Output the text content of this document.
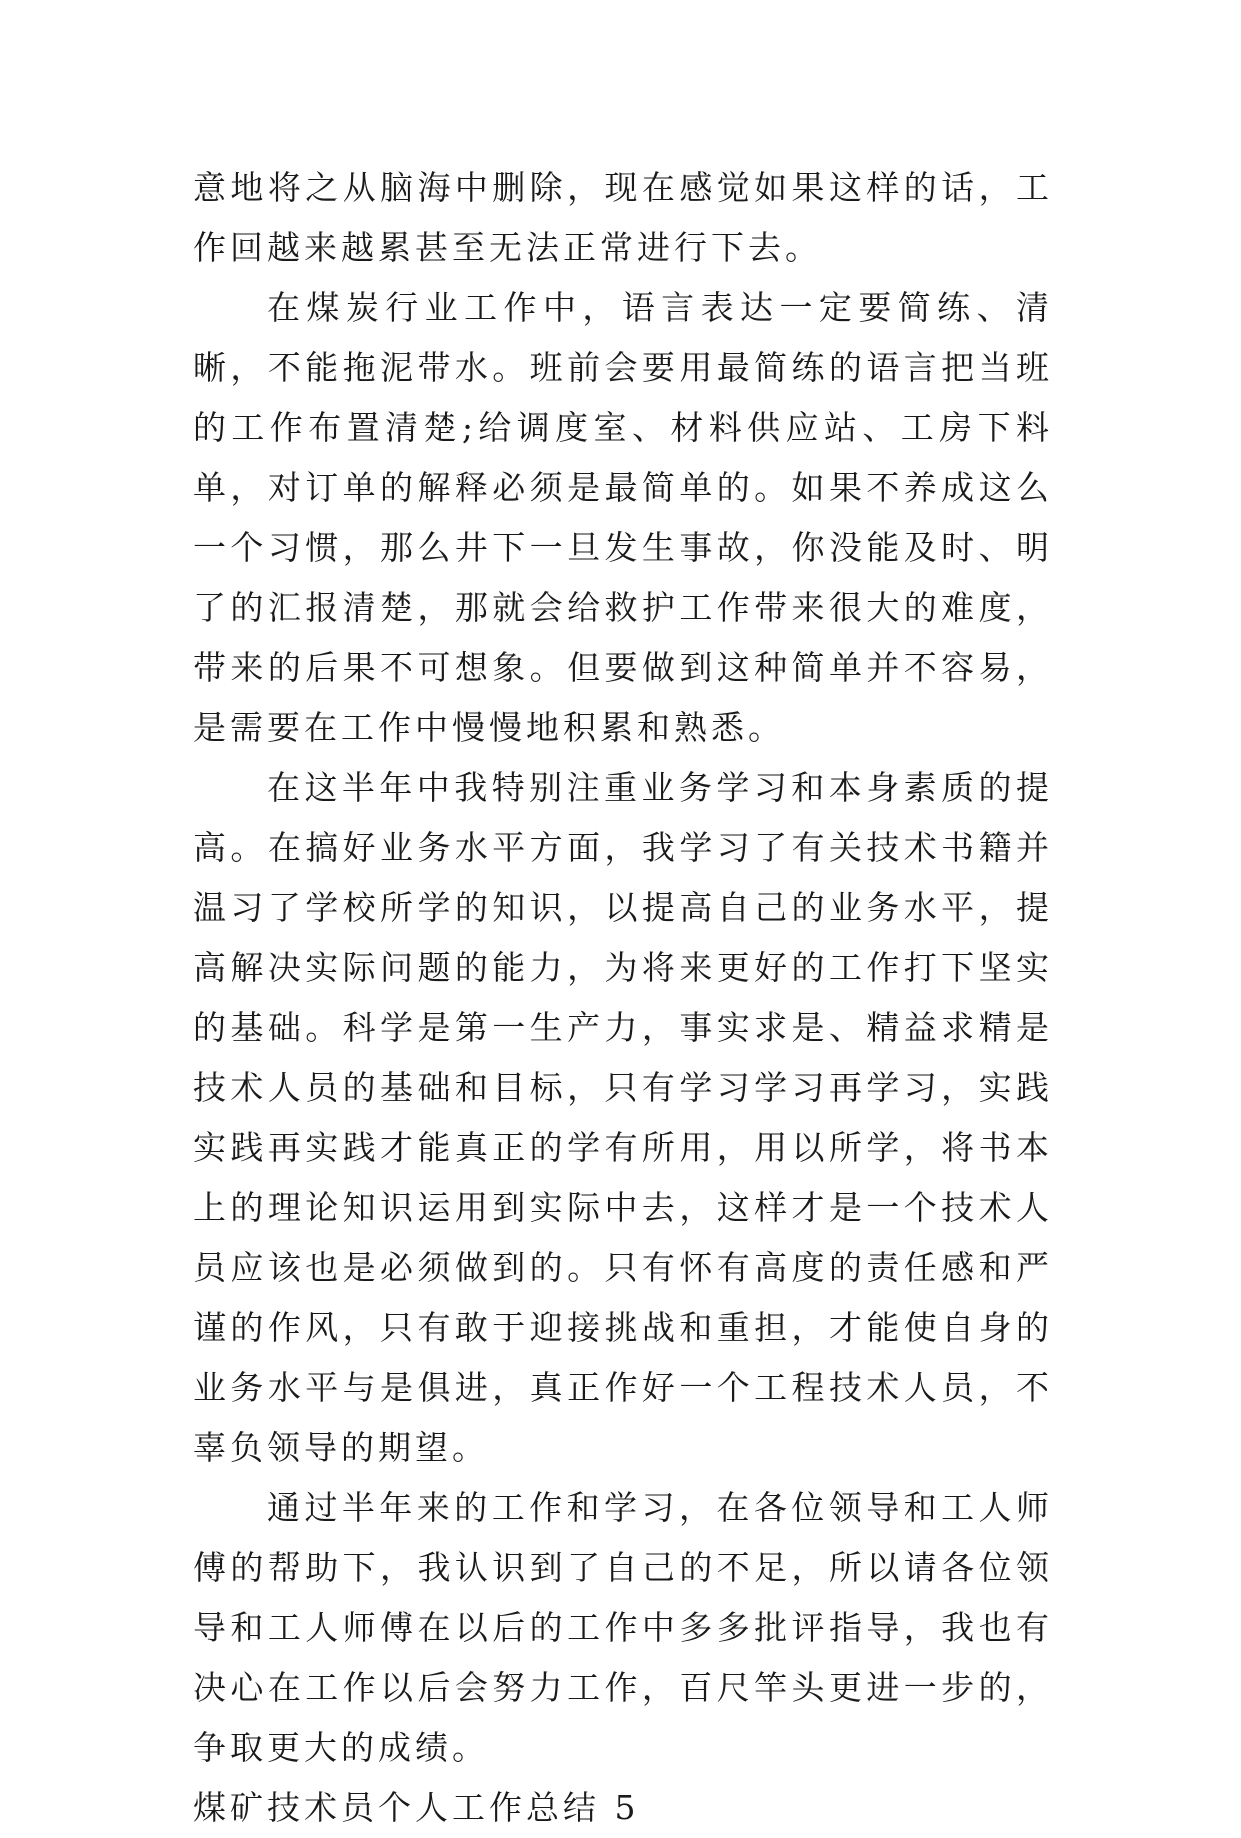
意地将之从脑海中删除，现在感觉如果这样的话，工作回越来越累甚至无法正常进行下去。

在煤炭行业工作中，语言表达一定要简练、清晰，不能拖泥带水。班前会要用最简练的语言把当班的工作布置清楚;给调度室、材料供应站、工房下料单，对订单的解释必须是最简单的。如果不养成这么一个习惯，那么井下一旦发生事故，你没能及时、明了的汇报清楚，那就会给救护工作带来很大的难度，带来的后果不可想象。但要做到这种简单并不容易，是需要在工作中慢慢地积累和熟悉。

在这半年中我特别注重业务学习和本身素质的提高。在搞好业务水平方面，我学习了有关技术书籍并温习了学校所学的知识，以提高自己的业务水平，提高解决实际问题的能力，为将来更好的工作打下坚实的基础。科学是第一生产力，事实求是、精益求精是技术人员的基础和目标，只有学习学习再学习，实践实践再实践才能真正的学有所用，用以所学，将书本上的理论知识运用到实际中去，这样才是一个技术人员应该也是必须做到的。只有怀有高度的责任感和严谨的作风，只有敢于迎接挑战和重担，才能使自身的业务水平与是俱进，真正作好一个工程技术人员，不辜负领导的期望。

通过半年来的工作和学习，在各位领导和工人师傅的帮助下，我认识到了自己的不足，所以请各位领导和工人师傅在以后的工作中多多批评指导，我也有决心在工作以后会努力工作，百尺竿头更进一步的，争取更大的成绩。

煤矿技术员个人工作总结 5
